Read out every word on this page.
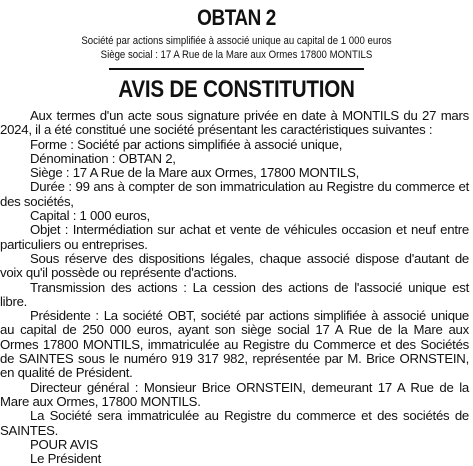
OBTAN 2

Société par actions simplifiée à associé unique au capital de 1 000 euros

Siège social : 17 A Rue de la Mare aux Ormes 17800 MONTILS

AVIS DE CONSTITUTION

Aux termes d'un acte sous signature privée en date à MONTILS du 27 mars 2024, il a été constitué une société présentant les caractéristiques suivantes :

Forme : Société par actions simplifiée à associé unique,

Dénomination : OBTAN 2,

Siège : 17 A Rue de la Mare aux Ormes, 17800 MONTILS,

Durée : 99 ans à compter de son immatriculation au Registre du commerce et des sociétés,

Capital : 1 000 euros,

Objet : Intermédiation sur achat et vente de véhicules occasion et neuf entre particuliers ou entreprises.

Sous réserve des dispositions légales, chaque associé dispose d'autant de voix qu'il possède ou représente d'actions.

Transmission des actions : La cession des actions de l'associé unique est libre.

Présidente : La société OBT, société par actions simplifiée à associé unique au capital de 250 000 euros, ayant son siège social 17 A Rue de la Mare aux Ormes 17800 MONTILS, immatriculée au Registre du Commerce et des Sociétés de SAINTES sous le numéro 919 317 982, représentée par M. Brice ORNSTEIN, en qualité de Président.

Directeur général : Monsieur Brice ORNSTEIN, demeurant 17 A Rue de la Mare aux Ormes, 17800 MONTILS.

La Société sera immatriculée au Registre du commerce et des sociétés de SAINTES.

POUR AVIS

Le Président
